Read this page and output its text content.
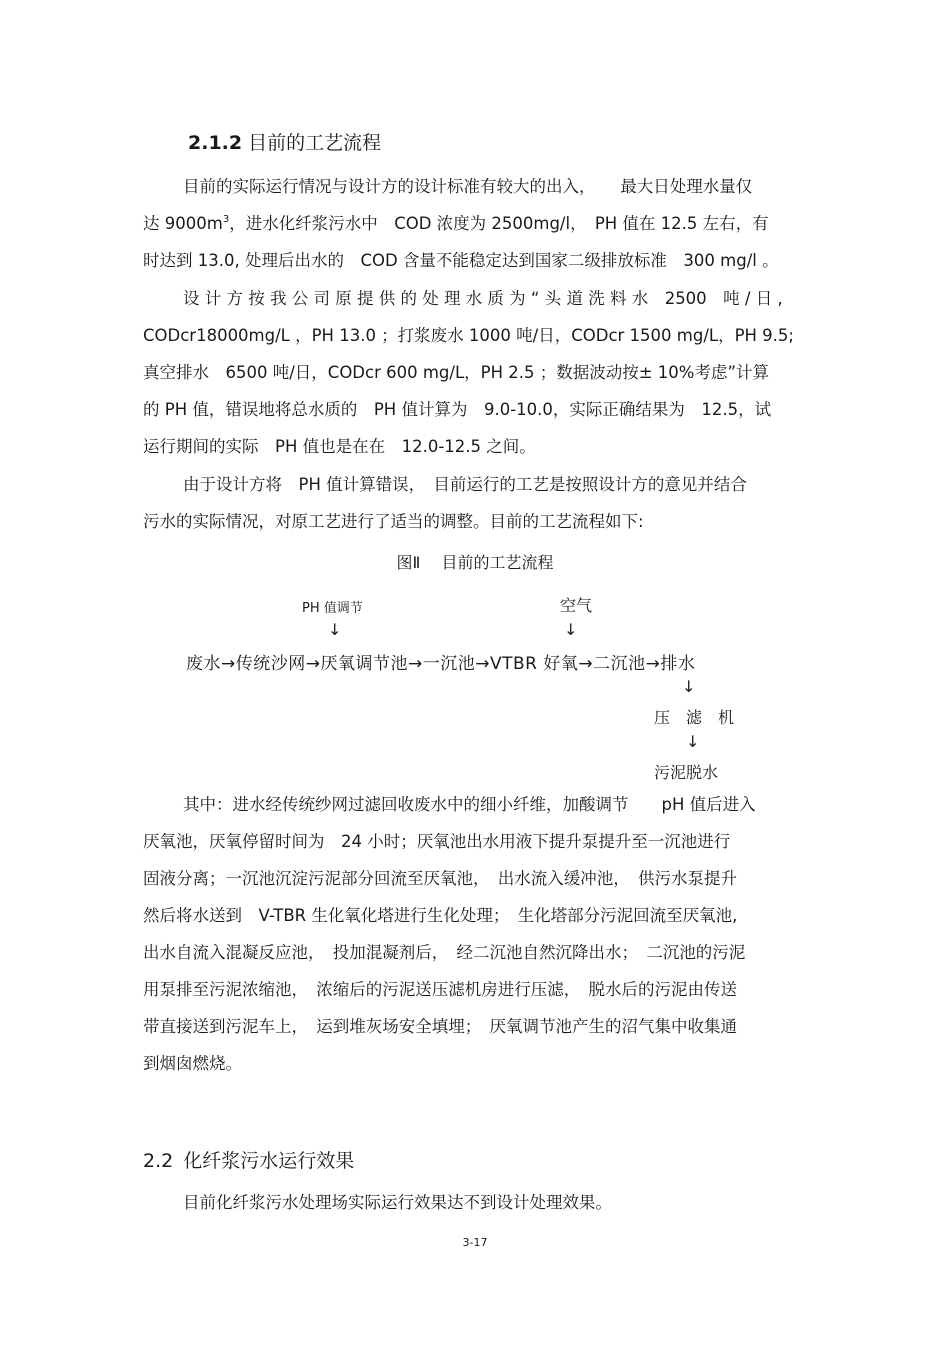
2.1.2 目前的工艺流程
目前的实际运行情况与设计方的设计标准有较大的出入，　　最大日处理水量仅
达 $9000m^3$，进水化纤浆污水中　COD 浓度为 2500mg/l，　PH 值在 12.5 左右，有
时达到 13.0, 处理后出水的　COD 含量不能稳定达到国家二级排放标准　300 mg/l 。
设 计 方 按 我 公 司 原 提 供 的 处 理 水 质 为 “ 头 道 洗 料 水　2500　吨 / 日 ,
CODcr18000mg/L ，PH 13.0 ；打浆废水 1000 吨/日，CODcr 1500 mg/L，PH 9.5;
真空排水　6500 吨/日，CODcr 600 mg/L，PH 2.5 ；数据波动按± 10%考虑”计算
的 PH 值，错误地将总水质的　PH 值计算为　9.0-10.0，实际正确结果为　12.5，试
运行期间的实际　PH 值也是在在　12.0-12.5 之间。
由于设计方将　PH 值计算错误，　目前运行的工艺是按照设计方的意见并结合
污水的实际情况，对原工艺进行了适当的调整。目前的工艺流程如下:
图Ⅱ　 目前的工艺流程
PH 值调节
↓
空气
↓
废水→传统沙网→厌氧调节池→一沉池→VTBR 好氧→二沉池→排水
↓
压　滤　机
↓
污泥脱水
其中：进水经传统纱网过滤回收废水中的细小纤维，加酸调节　　pH 值后进入
厌氧池，厌氧停留时间为　24 小时；厌氧池出水用液下提升泵提升至一沉池进行
固液分离；一沉池沉淀污泥部分回流至厌氧池，　出水流入缓冲池，　供污水泵提升
然后将水送到　V-TBR 生化氧化塔进行生化处理；　生化塔部分污泥回流至厌氧池,
出水自流入混凝反应池，　投加混凝剂后，　经二沉池自然沉降出水；　二沉池的污泥
用泵排至污泥浓缩池，　浓缩后的污泥送压滤机房进行压滤，　脱水后的污泥由传送
带直接送到污泥车上，　运到堆灰场安全填埋；　厌氧调节池产生的沼气集中收集通
到烟囱燃烧。
2.2 化纤浆污水运行效果
目前化纤浆污水处理场实际运行效果达不到设计处理效果。
3-17
